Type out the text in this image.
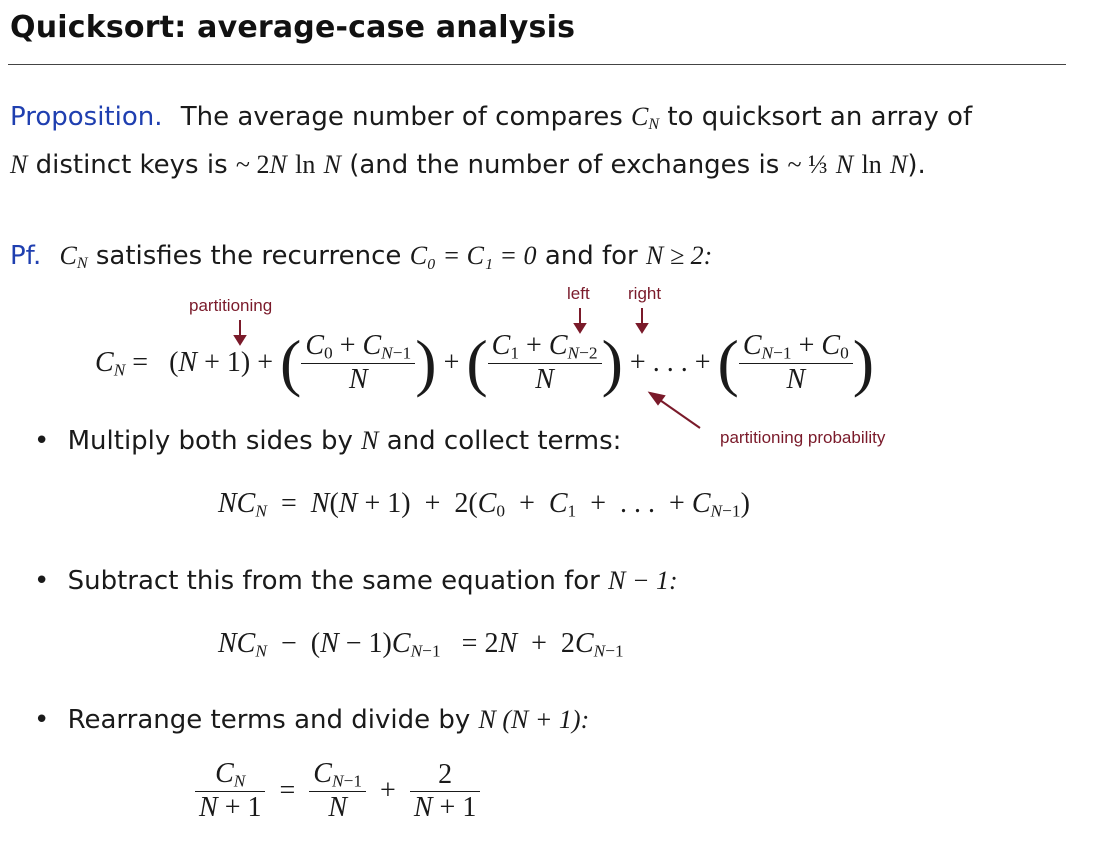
Quicksort: average-case analysis
Proposition. The average number of compares $C_N$ to quicksort an array of
N distinct keys is ~ 2N ln N (and the number of exchanges is ~ ⅓ N ln N).
Pf. $C_N$ satisfies the recurrence C₀ = C₁ = 0 and for N ≥ 2:
partitioning
left right
$C_N = (N + 1)$ + ( $\frac{C_0 + C_{N-1}}{N}$ ) + ( $\frac{C_1 + C_{N-2}}{N}$ ) + . . . + ( $\frac{C_{N-1} + C_0}{N}$ )
partitioning probability
• Multiply both sides by N and collect terms:
$NC_N = N(N + 1) + 2(C_0 + C_1$  +  . . .  + $C_{N-1}$)
• Subtract this from the same equation for N − 1:
$NC_N - (N - 1)C_{N-1} = 2N + 2C_{N-1}$
• Rearrange terms and divide by N (N + 1):
$\frac{C_N}{N + 1} = \frac{C_{N-1}}{N} + \frac{2}{N + 1}$
